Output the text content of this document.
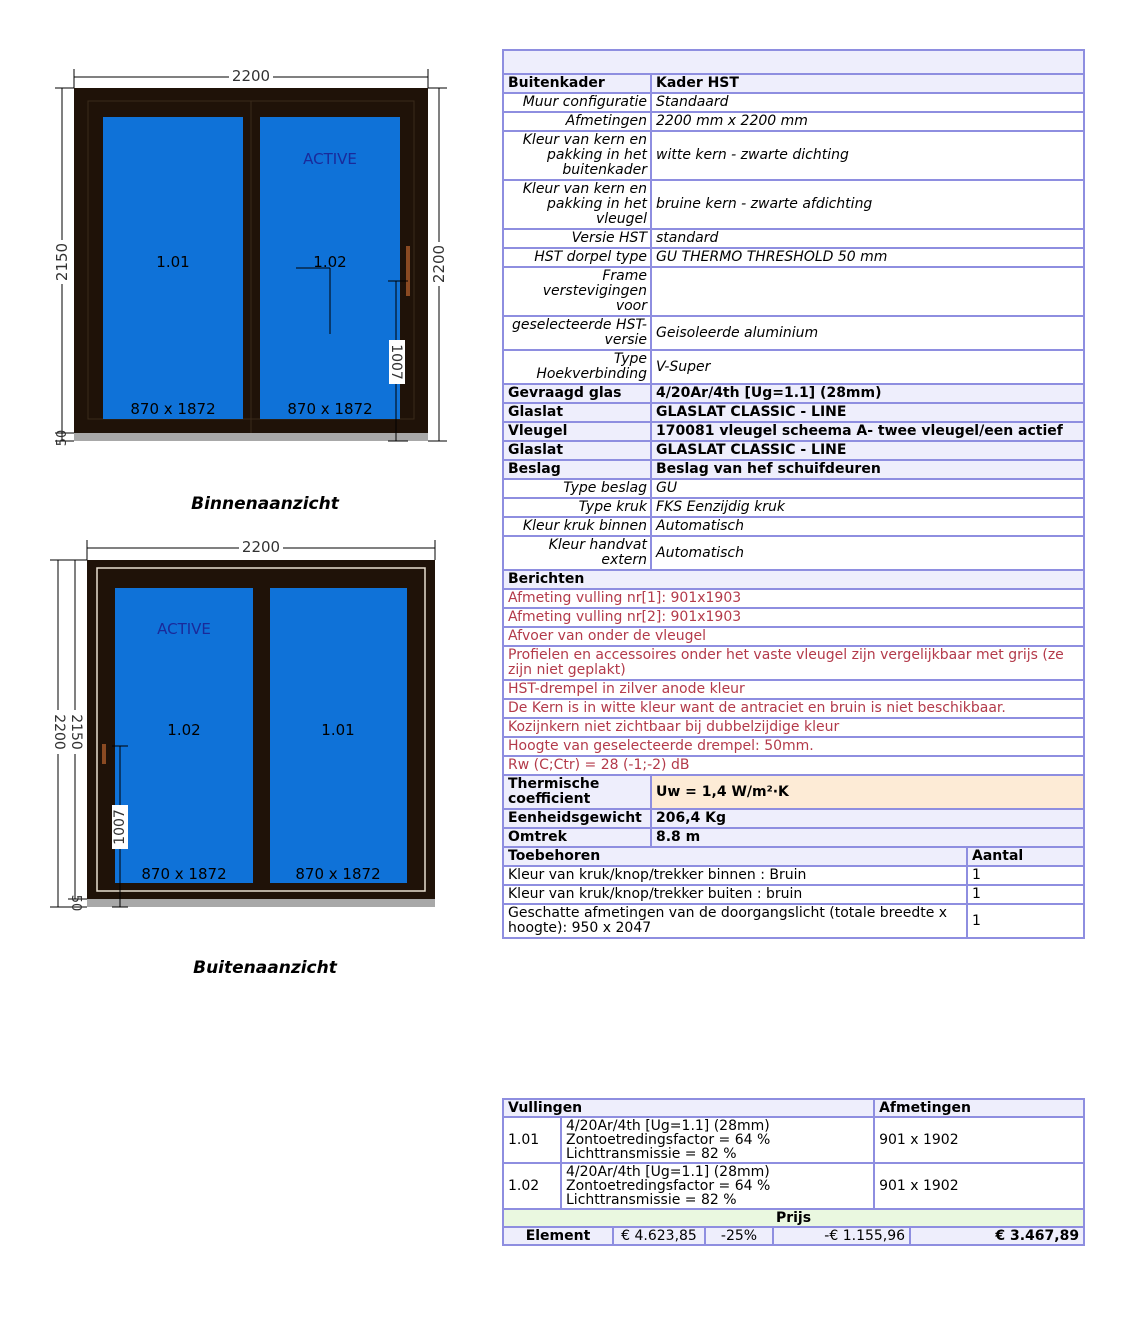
2200
2150
50
2200
1.01	1.02
ACTIVE
870 x 1872	870 x 1872
1007
Binnenaanzicht
2200
2200 2150
50
ACTIVE
1.02	1.01
870 x 1872	870 x 1872
1007
Buitenaanzicht

Buitenkader	Kader HST	
Muur configuratie	Standaard	
Afmetingen	2200 mm x 2200 mm	
Kleur van kern en pakking in het buitenkader	witte kern - zwarte dichting	
Kleur van kern en pakking in het vleugel	bruine kern - zwarte afdichting	
Versie HST	standard	
HST dorpel type	GU THERMO THRESHOLD 50 mm	
Frame verstevigingen voor		
geselecteerde HST-versie	Geisoleerde aluminium	
Type Hoekverbinding	V-Super	
Gevraagd glas	4/20Ar/4th [Ug=1.1] (28mm)	
Glaslat	GLASLAT CLASSIC - LINE	
Vleugel	170081 vleugel scheema A- twee vleugel/een actief	
Glaslat	GLASLAT CLASSIC - LINE	
Beslag	Beslag van hef schuifdeuren	
Type beslag	GU	
Type kruk	FKS Eenzijdig kruk	
Kleur kruk binnen	Automatisch	
Kleur handvat extern	Automatisch	
Berichten		
Afmeting vulling nr[1]: 901x1903		
Afmeting vulling nr[2]: 901x1903		
Afvoer van onder de vleugel		
Profielen en accessoires onder het vaste vleugel zijn vergelijkbaar met grijs (ze zijn niet geplakt)		
HST-drempel in zilver anode kleur		
De Kern is in witte kleur want de antraciet en bruin is niet beschikbaar.		
Kozijnkern niet zichtbaar bij dubbelzijdige kleur		
Hoogte van geselecteerde drempel: 50mm.		
Rw (C;Ctr) = 28 (-1;-2) dB		
Thermische coefficient	Uw = 1,4 W/m²·K	
Eenheidsgewicht	206,4 Kg	
Omtrek	8.8 m	
Toebehoren		Aantal
Kleur van kruk/knop/trekker binnen : Bruin		1
Kleur van kruk/knop/trekker buiten : bruin		1
Geschatte afmetingen van de doorgangslicht (totale breedte x hoogte): 950 x 2047		1
Vullingen					Afmetingen	
1.01	4/20Ar/4th [Ug=1.1] (28mm) Zontoetredingsfactor = 64 % Lichttransmissie = 82 %				901 x 1902	
1.02	4/20Ar/4th [Ug=1.1] (28mm) Zontoetredingsfactor = 64 % Lichttransmissie = 82 %				901 x 1902	
Prijs						
Element		€ 4.623,85	-25%	-€ 1.155,96		€ 3.467,89
